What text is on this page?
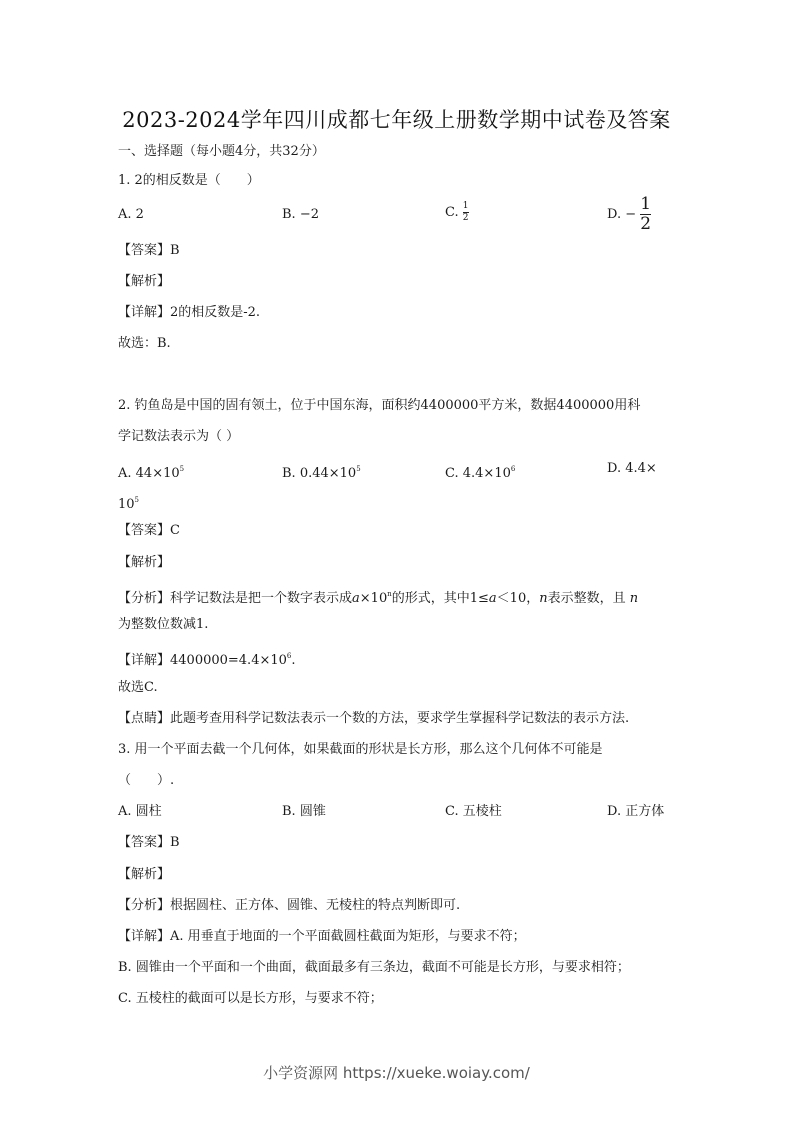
2023-2024学年四川成都七年级上册数学期中试卷及答案
一、选择题（每小题4分，共32分）
1. 2的相反数是（　　）
A. 2	B. −2	C. $\frac{1}{2}$	D. − $\frac{1}{2}$
【答案】B
【解析】
【详解】2的相反数是-2.
故选：B.
2. 钓鱼岛是中国的固有领土，位于中国东海，面积约4400000平方米，数据4400000用科
学记数法表示为（ ）
A. $44\times 10^5$	B. $0.44\times 10^5$	C. $4.4\times 10^6$	D. 4.4×
$10^5$
【答案】C
【解析】
【分析】科学记数法是把一个数字表示成$a\times 10^n$的形式，其中1≤a＜10，n表示整数，且 n
为整数位数减1.
【详解】$4400000=4.4\times 10^6$.
故选C.
【点睛】此题考查用科学记数法表示一个数的方法，要求学生掌握科学记数法的表示方法.
3. 用一个平面去截一个几何体，如果截面的形状是长方形，那么这个几何体不可能是
（　　）.
A. 圆柱	B. 圆锥	C. 五棱柱	D. 正方体
【答案】B
【解析】
【分析】根据圆柱、正方体、圆锥、无棱柱的特点判断即可.
【详解】A. 用垂直于地面的一个平面截圆柱截面为矩形，与要求不符；
B. 圆锥由一个平面和一个曲面，截面最多有三条边，截面不可能是长方形，与要求相符；
C. 五棱柱的截面可以是长方形，与要求不符；
小学资源网 https://xueke.woiay.com/
